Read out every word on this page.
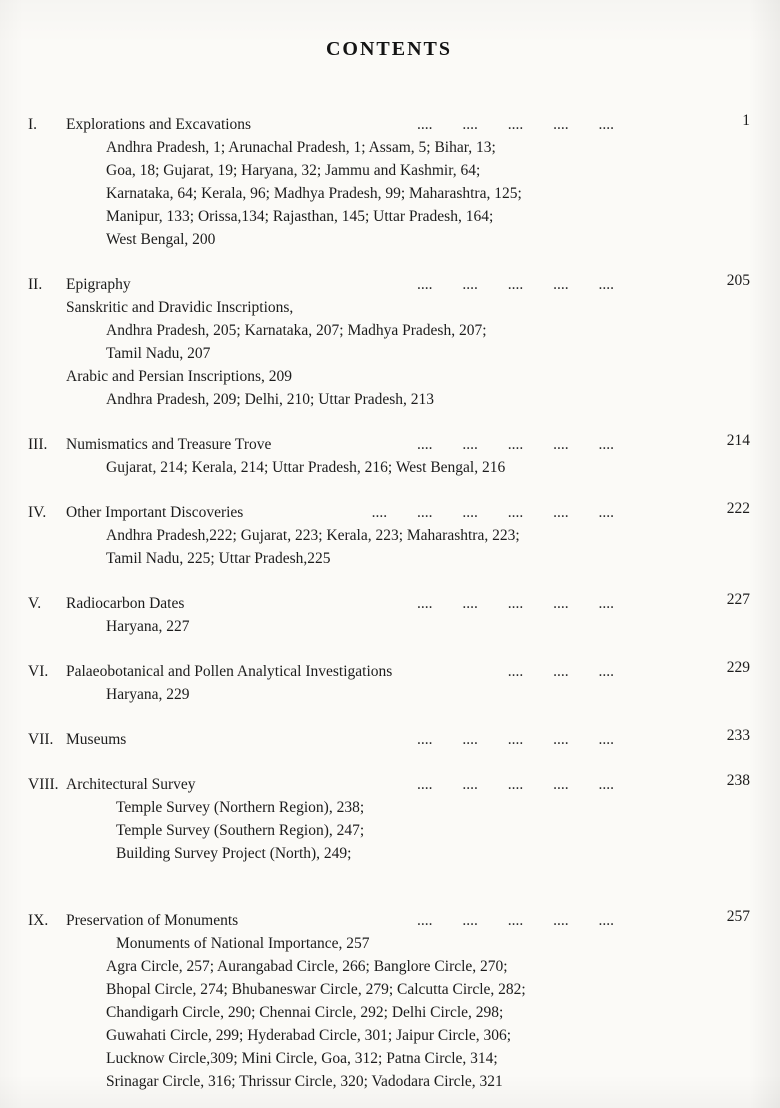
CONTENTS
I.	Explorations and Excavations	.... .... .... .... ....	1
Andhra Pradesh, 1; Arunachal Pradesh, 1; Assam, 5; Bihar, 13;
Goa, 18; Gujarat, 19; Haryana, 32; Jammu and Kashmir, 64;
Karnataka, 64; Kerala, 96; Madhya Pradesh, 99; Maharashtra, 125;
Manipur, 133; Orissa,134; Rajasthan, 145; Uttar Pradesh, 164;
West Bengal, 200
II.	Epigraphy	.... .... .... .... ....	205
Sanskritic and Dravidic Inscriptions,
Andhra Pradesh, 205; Karnataka, 207; Madhya Pradesh, 207;
Tamil Nadu, 207
Arabic and Persian Inscriptions, 209
Andhra Pradesh, 209; Delhi, 210; Uttar Pradesh, 213
III.	Numismatics and Treasure Trove	.... .... .... .... ....	214
Gujarat, 214; Kerala, 214; Uttar Pradesh, 216; West Bengal, 216
IV.	Other Important Discoveries	.... .... .... .... .... ....	222
Andhra Pradesh,222; Gujarat, 223; Kerala, 223; Maharashtra, 223;
Tamil Nadu, 225; Uttar Pradesh,225
V.	Radiocarbon Dates	.... .... .... .... ....	227
Haryana, 227
VI.	Palaeobotanical and Pollen Analytical Investigations	.... .... ....	229
Haryana, 229
VII. Museums	.... .... .... .... ....	233
VIII. Architectural Survey	.... .... .... .... ....	238
Temple Survey (Northern Region), 238;
Temple Survey (Southern Region), 247;
Building Survey Project (North), 249;
IX.	Preservation of Monuments	.... .... .... .... ....	257
Monuments of National Importance, 257
Agra Circle, 257; Aurangabad Circle, 266; Banglore Circle, 270;
Bhopal Circle, 274; Bhubaneswar Circle, 279; Calcutta Circle, 282;
Chandigarh Circle, 290; Chennai Circle, 292; Delhi Circle, 298;
Guwahati Circle, 299; Hyderabad Circle, 301; Jaipur Circle, 306;
Lucknow Circle,309; Mini Circle, Goa, 312; Patna Circle, 314;
Srinagar Circle, 316; Thrissur Circle, 320; Vadodara Circle, 321
